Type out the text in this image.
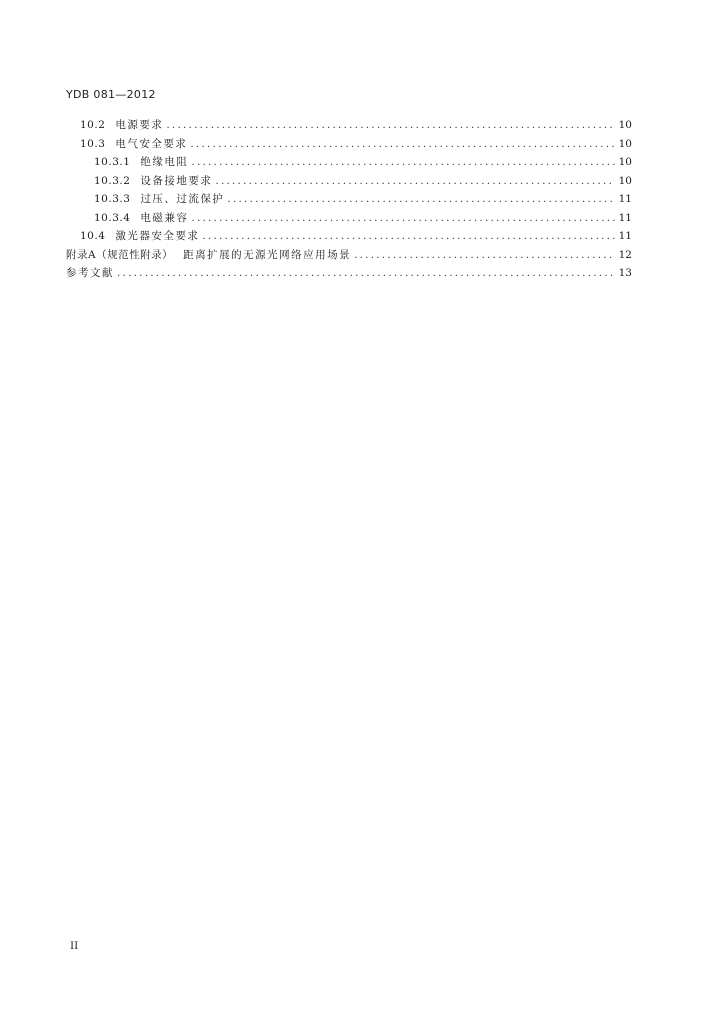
YDB 081—2012
10.2 电源要求 .....	10
10.3 电气安全要求 .....	10
10.3.1 绝缘电阻 .....	10
10.3.2 设备接地要求 .....	10
10.3.3 过压、过流保护 .....	11
10.3.4 电磁兼容 .....	11
10.4 激光器安全要求 .....	11
附录A（规范性附录） 距离扩展的无源光网络应用场景 .....	12
参考文献 .....	13
II
